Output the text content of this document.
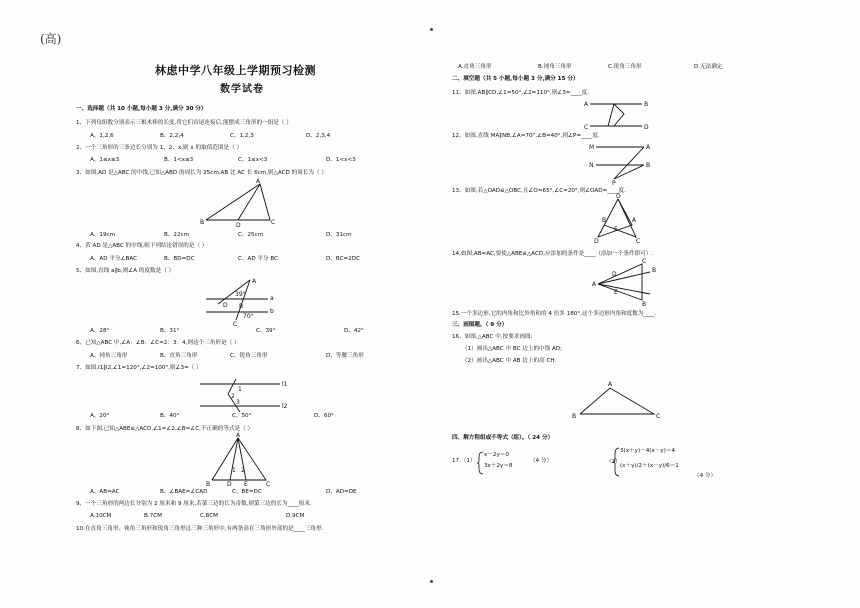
(高)
林虑中学八年级上学期预习检测
数学试卷
一、选择题（共 10 小题,每小题 3 分,满分 30 分）
1、下列每组数分别表示三根木棒的长度,将它们首尾连接后,能摆成三角形的一组是（ ）
A、1,2,6	B、2,2,4	C、1,2,3	D、2,3,4
2、一个三角形的三条边长分别为 1、2、x,则 x 的取值范围是（ ）
A、1≤x≤3	B、1<x≤3	C、1≤x<3	D、1<x<3
3、如图,AD 是△ABC 的中线,已知△ABD 的周长为 25cm,AB 比 AC 长 6cm,则△ACD 的周长为（ ）
A、19cm	B、22cm	C、25cm	D、31cm
4、若 AD 是△ABC 的中线,则下列结论错误的是（ ）
A、AD 平分∠BAC	B、BD=DC	C、AD 平分 BC	D、BC=2DC
5、如图,直线 a∥b,则∠A 的度数是（ ）
A、28°	B、31°	C、39°	D、42°
6、已知△ABC 中,∠A：∠B：∠C=2：3：4,则这个三角形是（ ）
A、钝角三角形	B、直角三角形	C、锐角三角形	D、等腰三角形
7、如图,l1∥l2,∠1=120°,∠2=100°,则∠3=（ ）
A、20°	B、40°	C、50°	D、60°
8、如下图,已知△ABE≌△ACD,∠1=∠2,∠B=∠C,不正确的等式是（ ）
A、AB=AC	B、∠BAE=∠CAD	C、BE=DC	D、AD=DE
9、一个三角形的两边长分别为 2 厘米和 9 厘米,若第三边的长为奇数,则第三边的长为____厘米.
A.10CM	B.7CM	C.8CM	D.9CM
10.在直角三角形、钝角三角形和锐角三角形这三种三角形中,有两条高在三角形外部的是____三角形.
A
B	D	C
A
39°
D B
70°
a
b
C
1
2
3
l1
l2
A
B	D E	C
1 2
A.直角三角形	B.钝角三角形	C.锐角三角形	D.无法确定
二、填空题（共 5 小题,每小题 3 分,满分 15 分）
11、如图,AB∥CD,∠1=50°,∠2=110°,则∠3=____度.
12、如图,直线 MA∥NB,∠A=70°,∠B=40°,则∠P=____度.
13、如图,若△OAD≌△OBC,且∠O=65°,∠C=20°,则∠OAD=____度.
14,如图,AB=AC,要使△ABE≌△ACD,应添加的条件是____（添加一个条件即可）.
15.一个多边形,它的内角和比外角和的 4 倍多 180°,这个多边形内角和度数为____.
三、画图题。（ 9 分）
16、如图,△ABC 中,按要求画图:
（1）画出△ABC 中 BC 边上的中线 AD;
（2）画出△ABC 中 AB 边上的高 CH.
四、解方程组或不等式（组）。（ 24 分）
17.（1）
x－2y＝0
3x＋2y＝8
（4 分）	（2）
3(x＋y)－4(x－y)＝4
(x＋y)/2＋(x－y)/6＝1
（4 分）
A	B
C	D
M	A
N	B
P
O
B	A
E
D	C
A
C
B
D
E
B
A
B	C
